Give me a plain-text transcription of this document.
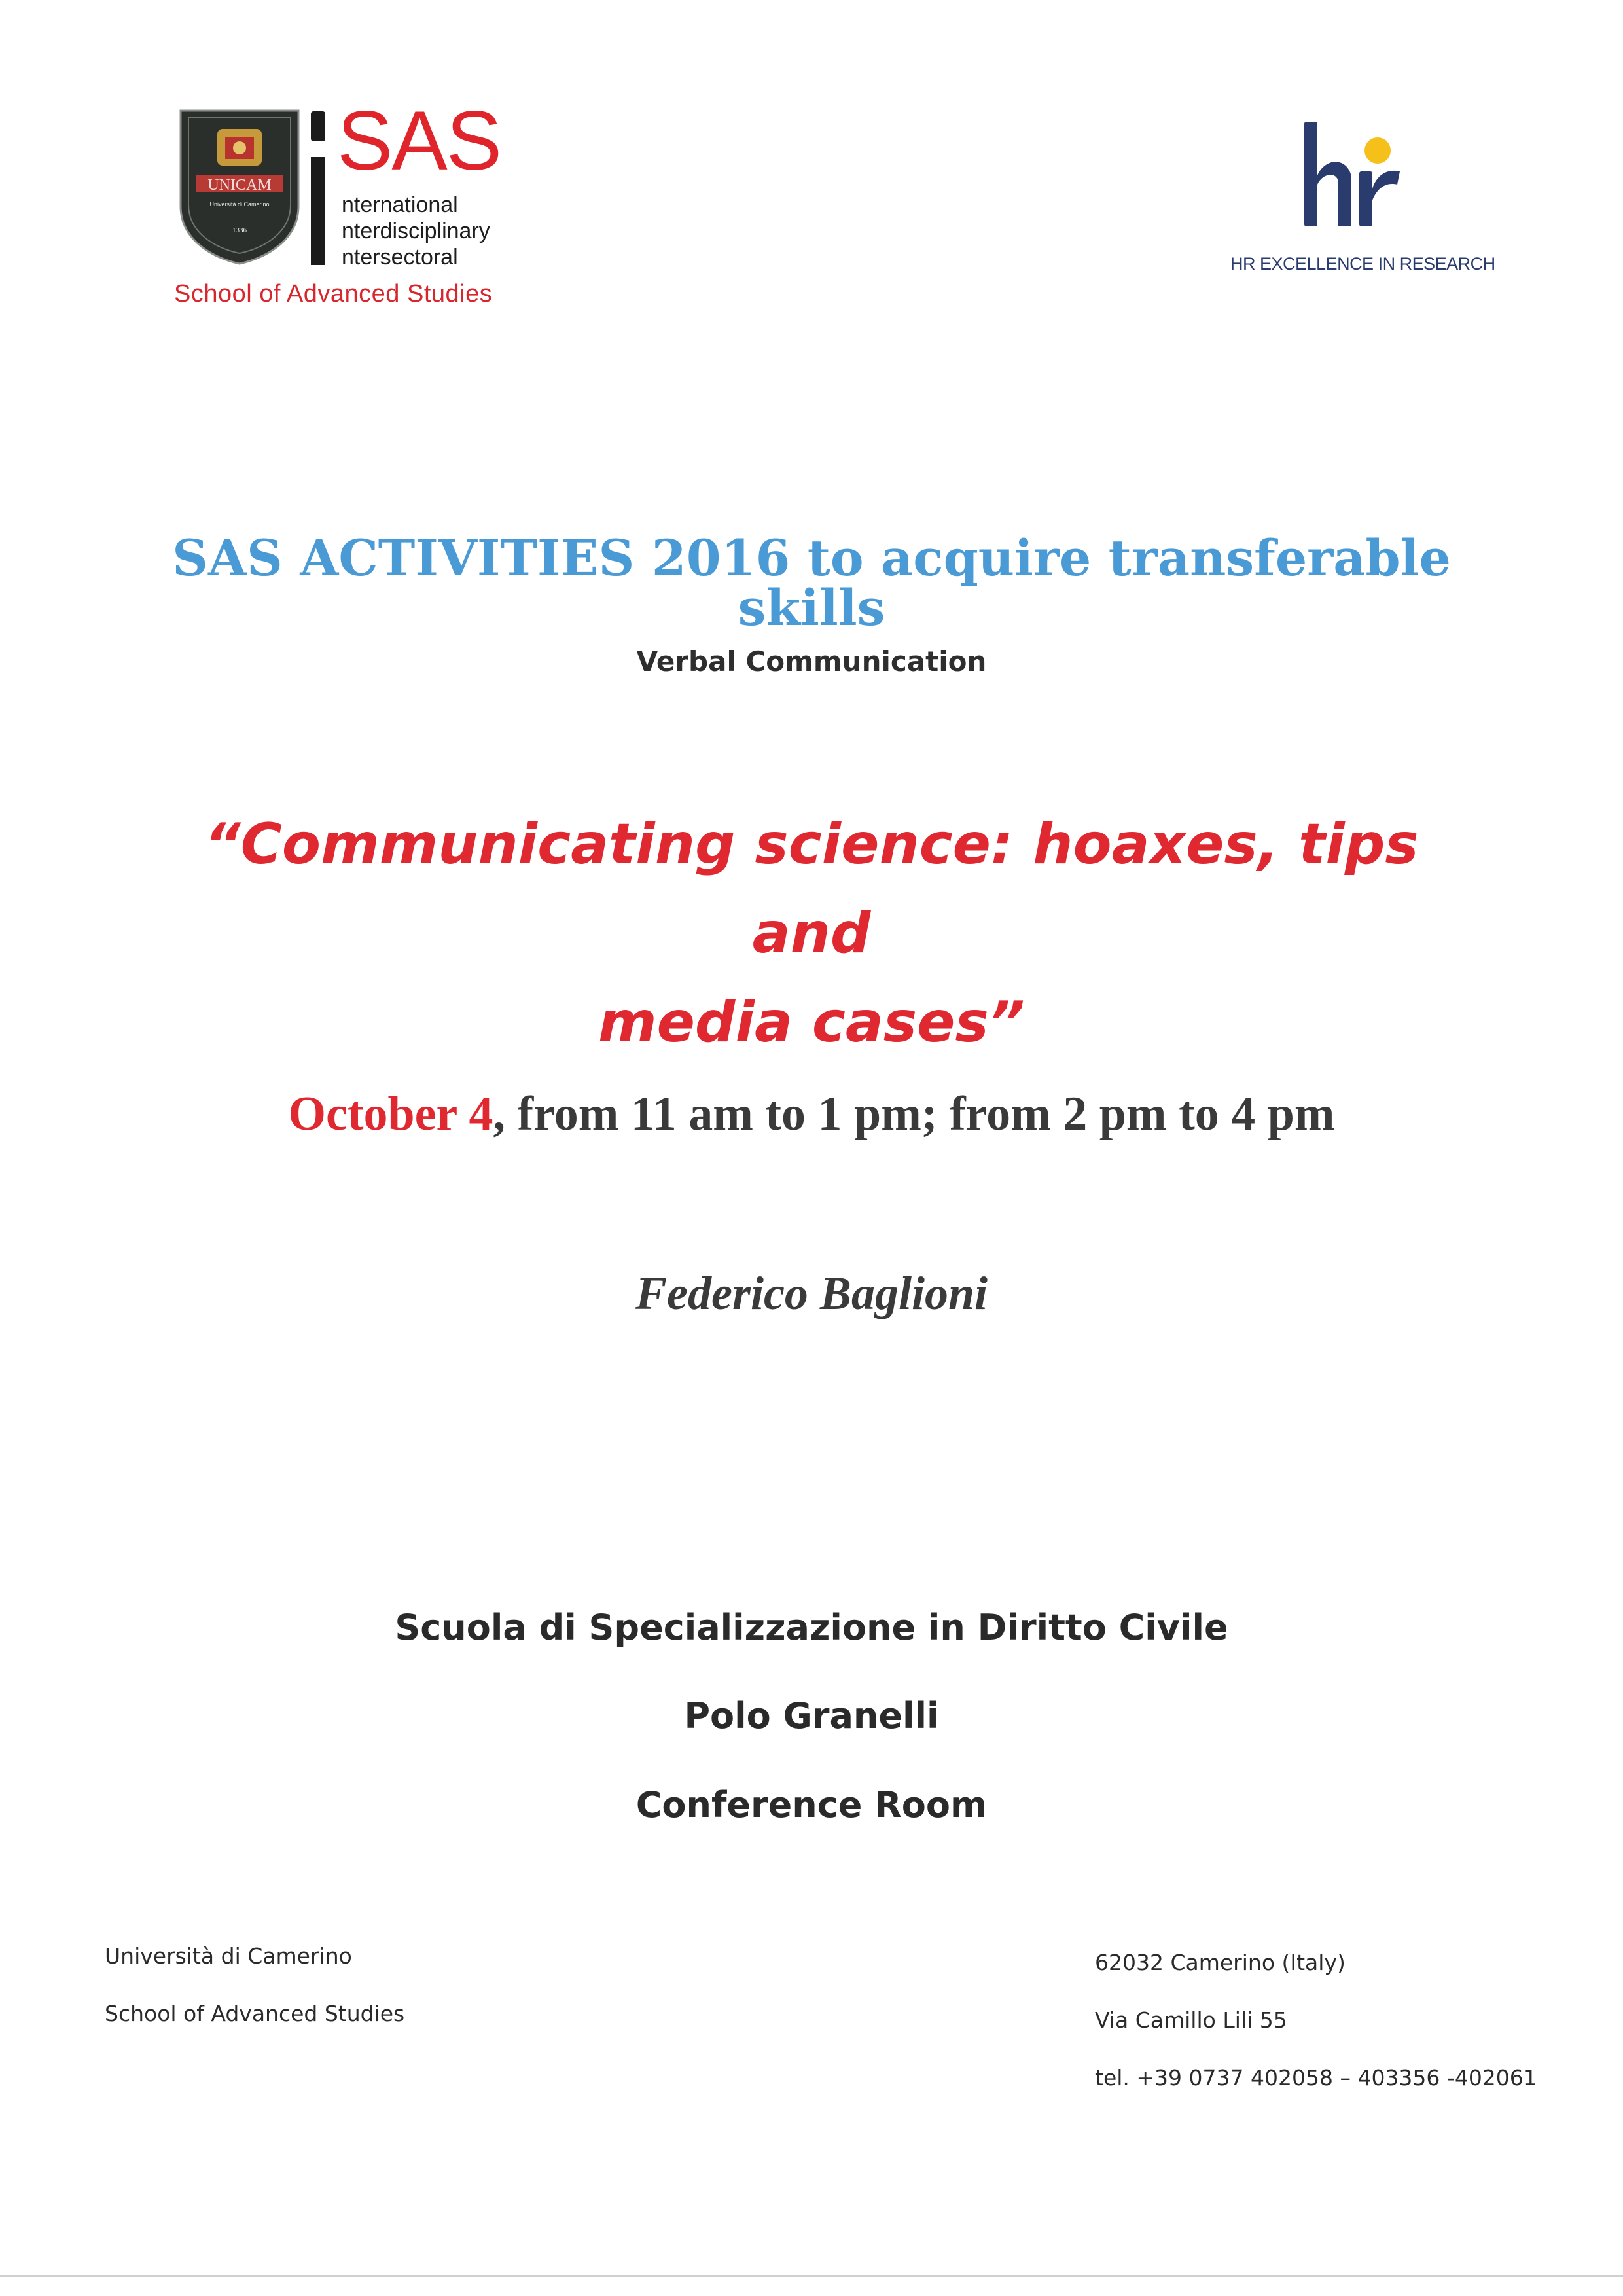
UNICAM
Università di Camerino
1336
SAS
nternational
nterdisciplinary
ntersectoral
School of Advanced Studies
HR EXCELLENCE IN RESEARCH
SAS ACTIVITIES 2016 to acquire transferable skills
Verbal Communication
“Communicating science: hoaxes, tips and
media cases”
October 4, from 11 am to 1 pm; from 2 pm to 4 pm
Federico Baglioni
Scuola di Specializzazione in Diritto Civile
Polo Granelli
Conference Room
Università di Camerino
School of Advanced Studies
62032 Camerino (Italy)
Via Camillo Lili 55
tel. +39 0737 402058 – 403356 -402061
